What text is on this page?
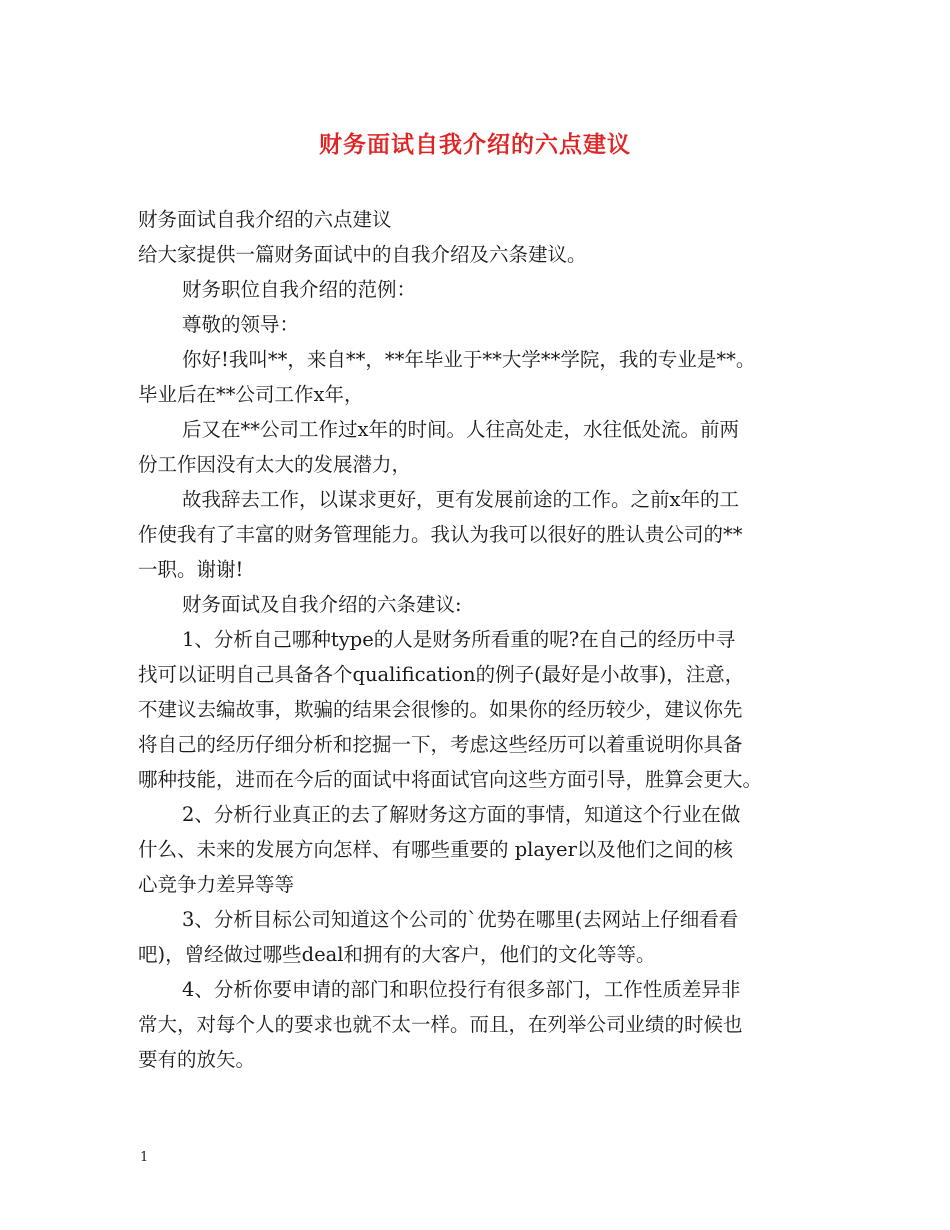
财务面试自我介绍的六点建议
财务面试自我介绍的六点建议
给大家提供一篇财务面试中的自我介绍及六条建议。
财务职位自我介绍的范例：
尊敬的领导：
你好!我叫**，来自**，**年毕业于**大学**学院，我的专业是**。
毕业后在**公司工作x年，
后又在**公司工作过x年的时间。人往高处走，水往低处流。前两
份工作因没有太大的发展潜力，
故我辞去工作，以谋求更好，更有发展前途的工作。之前x年的工
作使我有了丰富的财务管理能力。我认为我可以很好的胜认贵公司的**
一职。谢谢!
财务面试及自我介绍的六条建议:
1、分析自己哪种type的人是财务所看重的呢?在自己的经历中寻
找可以证明自己具备各个qualification的例子(最好是小故事)，注意，
不建议去编故事，欺骗的结果会很惨的。如果你的经历较少，建议你先
将自己的经历仔细分析和挖掘一下，考虑这些经历可以着重说明你具备
哪种技能，进而在今后的面试中将面试官向这些方面引导，胜算会更大。
2、分析行业真正的去了解财务这方面的事情，知道这个行业在做
什么、未来的发展方向怎样、有哪些重要的 player以及他们之间的核
心竞争力差异等等
3、分析目标公司知道这个公司的`优势在哪里(去网站上仔细看看
吧)，曾经做过哪些deal和拥有的大客户，他们的文化等等。
4、分析你要申请的部门和职位投行有很多部门，工作性质差异非
常大，对每个人的要求也就不太一样。而且，在列举公司业绩的时候也
要有的放矢。
1
